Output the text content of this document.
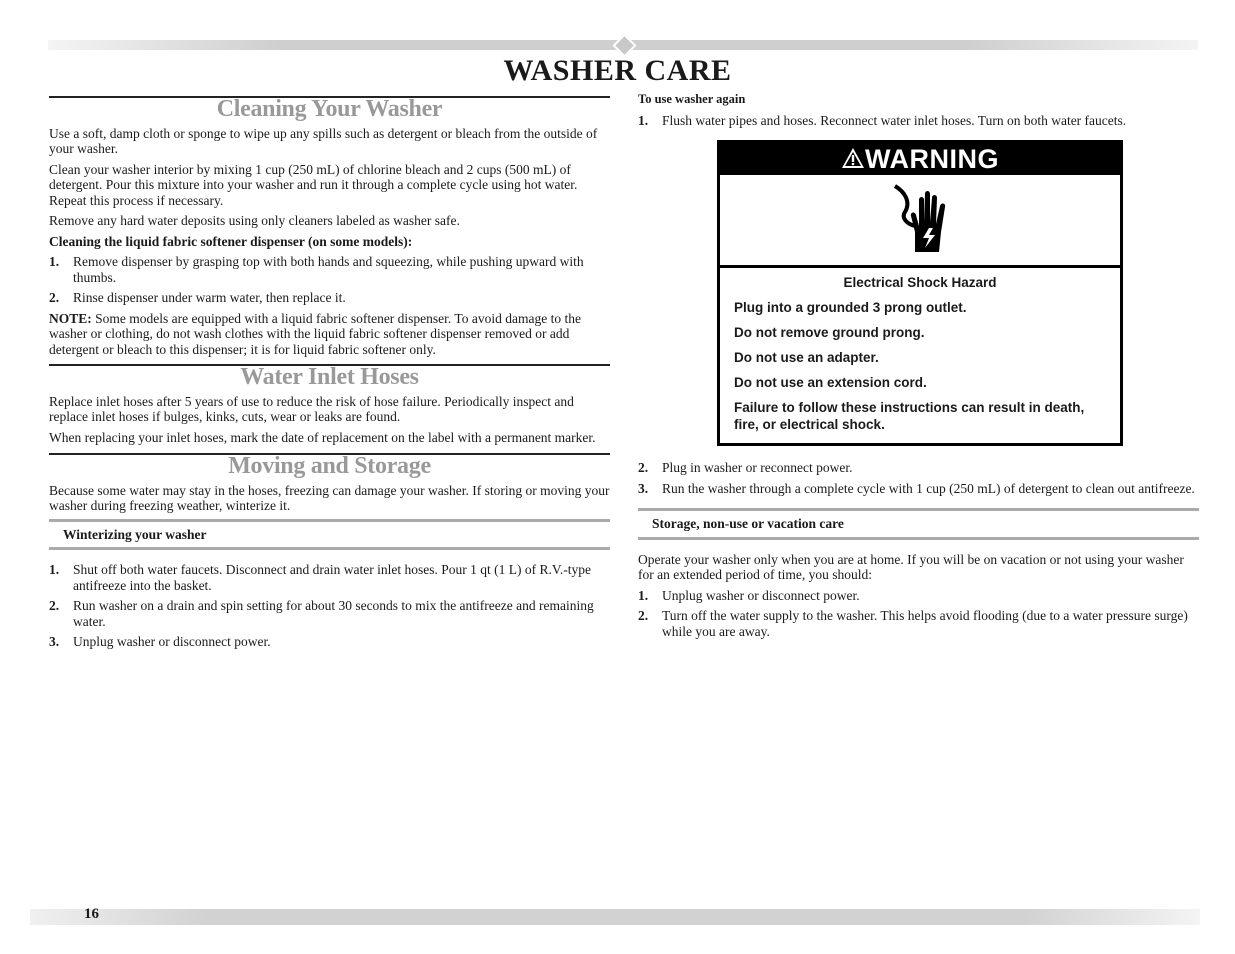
WASHER CARE
Cleaning Your Washer

Use a soft, damp cloth or sponge to wipe up any spills such as detergent or bleach from the outside of your washer.

Clean your washer interior by mixing 1 cup (250 mL) of chlorine bleach and 2 cups (500 mL) of detergent. Pour this mixture into your washer and run it through a complete cycle using hot water. Repeat this process if necessary.

Remove any hard water deposits using only cleaners labeled as washer safe.

Cleaning the liquid fabric softener dispenser (on some models):

1.	Remove dispenser by grasping top with both hands and squeezing, while pushing upward with thumbs.
2.	Rinse dispenser under warm water, then replace it.

NOTE: Some models are equipped with a liquid fabric softener dispenser. To avoid damage to the washer or clothing, do not wash clothes with the liquid fabric softener dispenser removed or add detergent or bleach to this dispenser; it is for liquid fabric softener only.

Water Inlet Hoses

Replace inlet hoses after 5 years of use to reduce the risk of hose failure. Periodically inspect and replace inlet hoses if bulges, kinks, cuts, wear or leaks are found.

When replacing your inlet hoses, mark the date of replacement on the label with a permanent marker.

Moving and Storage

Because some water may stay in the hoses, freezing can damage your washer. If storing or moving your washer during freezing weather, winterize it.

Winterizing your washer
1.	Shut off both water faucets. Disconnect and drain water inlet hoses. Pour 1 qt (1 L) of R.V.-type antifreeze into the basket.
2.	Run washer on a drain and spin setting for about 30 seconds to mix the antifreeze and remaining water.
3.	Unplug washer or disconnect power.

To use washer again

1.	Flush water pipes and hoses. Reconnect water inlet hoses. Turn on both water faucets.
WARNING
Electrical Shock Hazard

Plug into a grounded 3 prong outlet.

Do not remove ground prong.

Do not use an adapter.

Do not use an extension cord.

Failure to follow these instructions can result in death, fire, or electrical shock.

2.	Plug in washer or reconnect power.
3.	Run the washer through a complete cycle with 1 cup (250 mL) of detergent to clean out antifreeze.
Storage, non-use or vacation care

Operate your washer only when you are at home. If you will be on vacation or not using your washer for an extended period of time, you should:

1.	Unplug washer or disconnect power.
2.	Turn off the water supply to the washer. This helps avoid flooding (due to a water pressure surge) while you are away.
16
